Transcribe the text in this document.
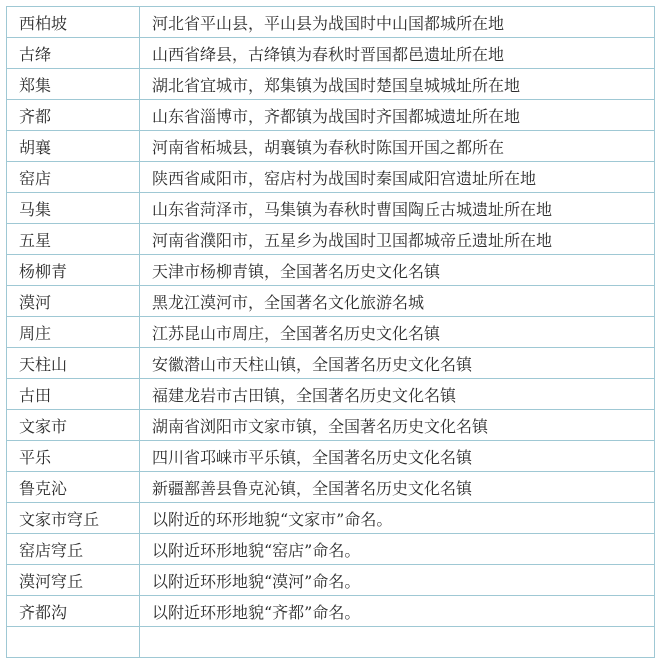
西柏坡	河北省平山县，平山县为战国时中山国都城所在地
古绛	山西省绛县，古绛镇为春秋时晋国都邑遗址所在地
郑集	湖北省宜城市，郑集镇为战国时楚国皇城城址所在地
齐都	山东省淄博市，齐都镇为战国时齐国都城遗址所在地
胡襄	河南省柘城县，胡襄镇为春秋时陈国开国之都所在
窑店	陕西省咸阳市，窑店村为战国时秦国咸阳宫遗址所在地
马集	山东省菏泽市，马集镇为春秋时曹国陶丘古城遗址所在地
五星	河南省濮阳市，五星乡为战国时卫国都城帝丘遗址所在地
杨柳青	天津市杨柳青镇，全国著名历史文化名镇
漠河	黑龙江漠河市，全国著名文化旅游名城
周庄	江苏昆山市周庄，全国著名历史文化名镇
天柱山	安徽潜山市天柱山镇，全国著名历史文化名镇
古田	福建龙岩市古田镇，全国著名历史文化名镇
文家市	湖南省浏阳市文家市镇，全国著名历史文化名镇
平乐	四川省邛崃市平乐镇，全国著名历史文化名镇
鲁克沁	新疆鄯善县鲁克沁镇，全国著名历史文化名镇
文家市穹丘	以附近的环形地貌“文家市”命名。
窑店穹丘	以附近环形地貌“窑店”命名。
漠河穹丘	以附近环形地貌“漠河”命名。
齐都沟	以附近环形地貌“齐都”命名。
